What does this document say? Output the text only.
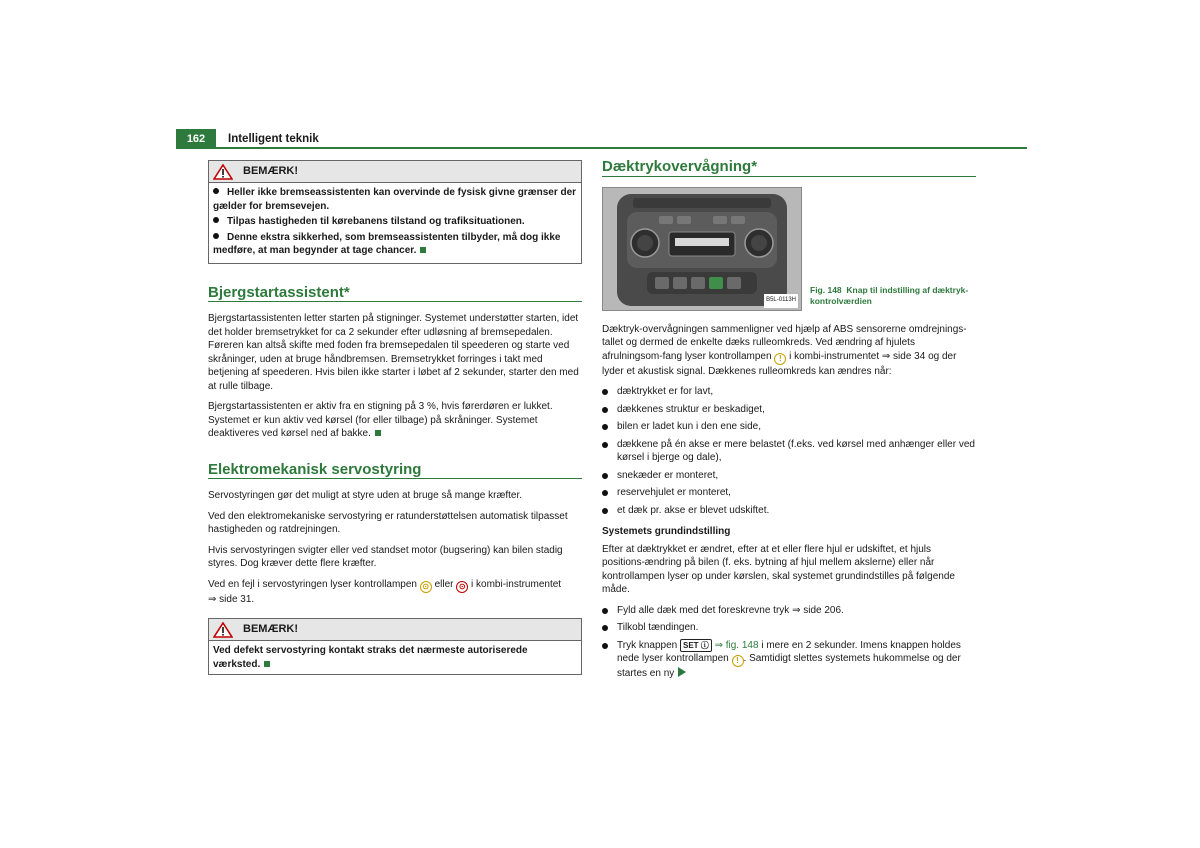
162	Intelligent teknik
BEMÆRK!

Heller ikke bremseassistenten kan overvinde de fysisk givne grænser der gælder for bremsevejen.

Tilpas hastigheden til kørebanens tilstand og trafiksituationen.

Denne ekstra sikkerhed, som bremseassistenten tilbyder, må dog ikke medføre, at man begynder at tage chancer.

Bjergstartassistent*

Bjergstartassistenten letter starten på stigninger. Systemet understøtter starten, idet det holder bremsetrykket for ca 2 sekunder efter udløsning af bremsepedalen. Føreren kan altså skifte med foden fra bremsepedalen til speederen og starte ved skråninger, uden at bruge håndbremsen. Bremsetrykket forringes i takt med betjening af speederen. Hvis bilen ikke starter i løbet af 2 sekunder, starter den med at rulle tilbage.

Bjergstartassistenten er aktiv fra en stigning på 3 %, hvis førerdøren er lukket. Systemet er kun aktiv ved kørsel (for eller tilbage) på skråninger. Systemet deaktiveres ved kørsel ned af bakke.

Elektromekanisk servostyring

Servostyringen gør det muligt at styre uden at bruge så mange kræfter.

Ved den elektromekaniske servostyring er ratunderstøttelsen automatisk tilpasset hastigheden og ratdrejningen.

Hvis servostyringen svigter eller ved standset motor (bugsering) kan bilen stadig styres. Dog kræver dette flere kræfter.

Ved en fejl i servostyringen lyser kontrollampen ⊙ eller ⊙ i kombi-instrumentet
⇒ side 31.

BEMÆRK!
Ved defekt servostyring kontakt straks det nærmeste autoriserede værksted.
Dæktrykovervågning*
B5L-0113H
Fig. 148 Knap til indstilling af dæktryk-kontrolværdien

Dæktryk-overvågningen sammenligner ved hjælp af ABS sensorerne omdrejnings-tallet og dermed de enkelte dæks rulleomkreds. Ved ændring af hjulets afrulningsom-fang lyser kontrollampen ! i kombi-instrumentet ⇒ side 34 og der lyder et akustisk signal. Dækkenes rulleomkreds kan ændres når:

dæktrykket er for lavt,
dækkenes struktur er beskadiget,
bilen er ladet kun i den ene side,
dækkene på én akse er mere belastet (f.eks. ved kørsel med anhænger eller ved kørsel i bjerge og dale),
snekæder er monteret,
reservehjulet er monteret,
et dæk pr. akse er blevet udskiftet.

Systemets grundindstilling

Efter at dæktrykket er ændret, efter at et eller flere hjul er udskiftet, et hjuls positions-ændring på bilen (f. eks. bytning af hjul mellem akslerne) eller når kontrollampen lyser op under kørslen, skal systemet grundindstilles på følgende måde.

Fyld alle dæk med det foreskrevne tryk ⇒ side 206.
Tilkobl tændingen.
Tryk knappen SET ⓘ ⇒ fig. 148 i mere en 2 sekunder. Imens knappen holdes nede lyser kontrollampen ! . Samtidigt slettes systemets hukommelse og der startes en ny
